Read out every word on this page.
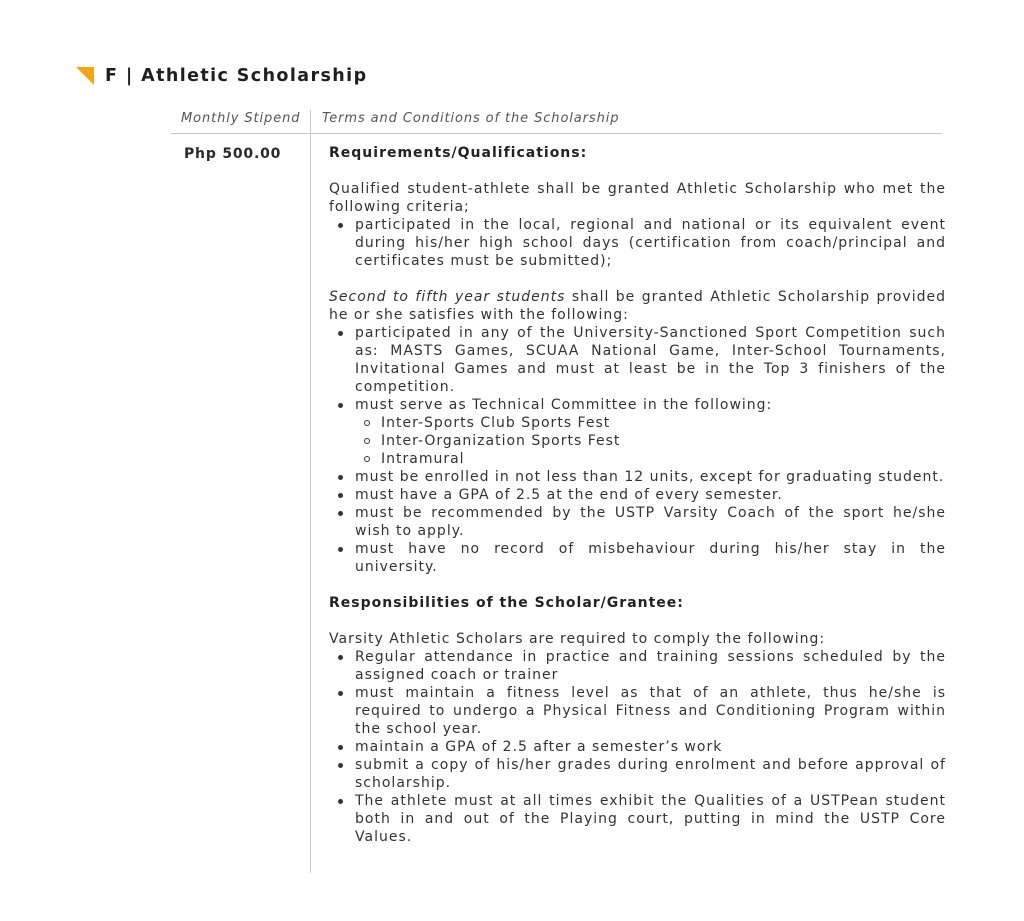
F | Athletic Scholarship
Monthly Stipend Terms and Conditions of the Scholarship
Php 500.00	Requirements/Qualifications:

Qualified student-athlete shall be granted Athletic Scholarship who met the following criteria;

participated in the local, regional and national or its equivalent event during his/her high school days (certification from coach/principal and certificates must be submitted);

Second to fifth year students shall be granted Athletic Scholarship provided he or she satisfies with the following:

participated in any of the University-Sanctioned Sport Competition such as: MASTS Games, SCUAA National Game, Inter-School Tournaments, Invitational Games and must at least be in the Top 3 finishers of the competition.
must serve as Technical Committee in the following:
Inter-Sports Club Sports Fest
Inter-Organization Sports Fest
Intramural
must be enrolled in not less than 12 units, except for graduating student.
must have a GPA of 2.5 at the end of every semester.
must be recommended by the USTP Varsity Coach of the sport he/she wish to apply.
must have no record of misbehaviour during his/her stay in the university.

Responsibilities of the Scholar/Grantee:

Varsity Athletic Scholars are required to comply the following:

Regular attendance in practice and training sessions scheduled by the assigned coach or trainer
must maintain a fitness level as that of an athlete, thus he/she is required to undergo a Physical Fitness and Conditioning Program within the school year.
maintain a GPA of 2.5 after a semester’s work
submit a copy of his/her grades during enrolment and before approval of scholarship.
The athlete must at all times exhibit the Qualities of a USTPean student both in and out of the Playing court, putting in mind the USTP Core Values.
